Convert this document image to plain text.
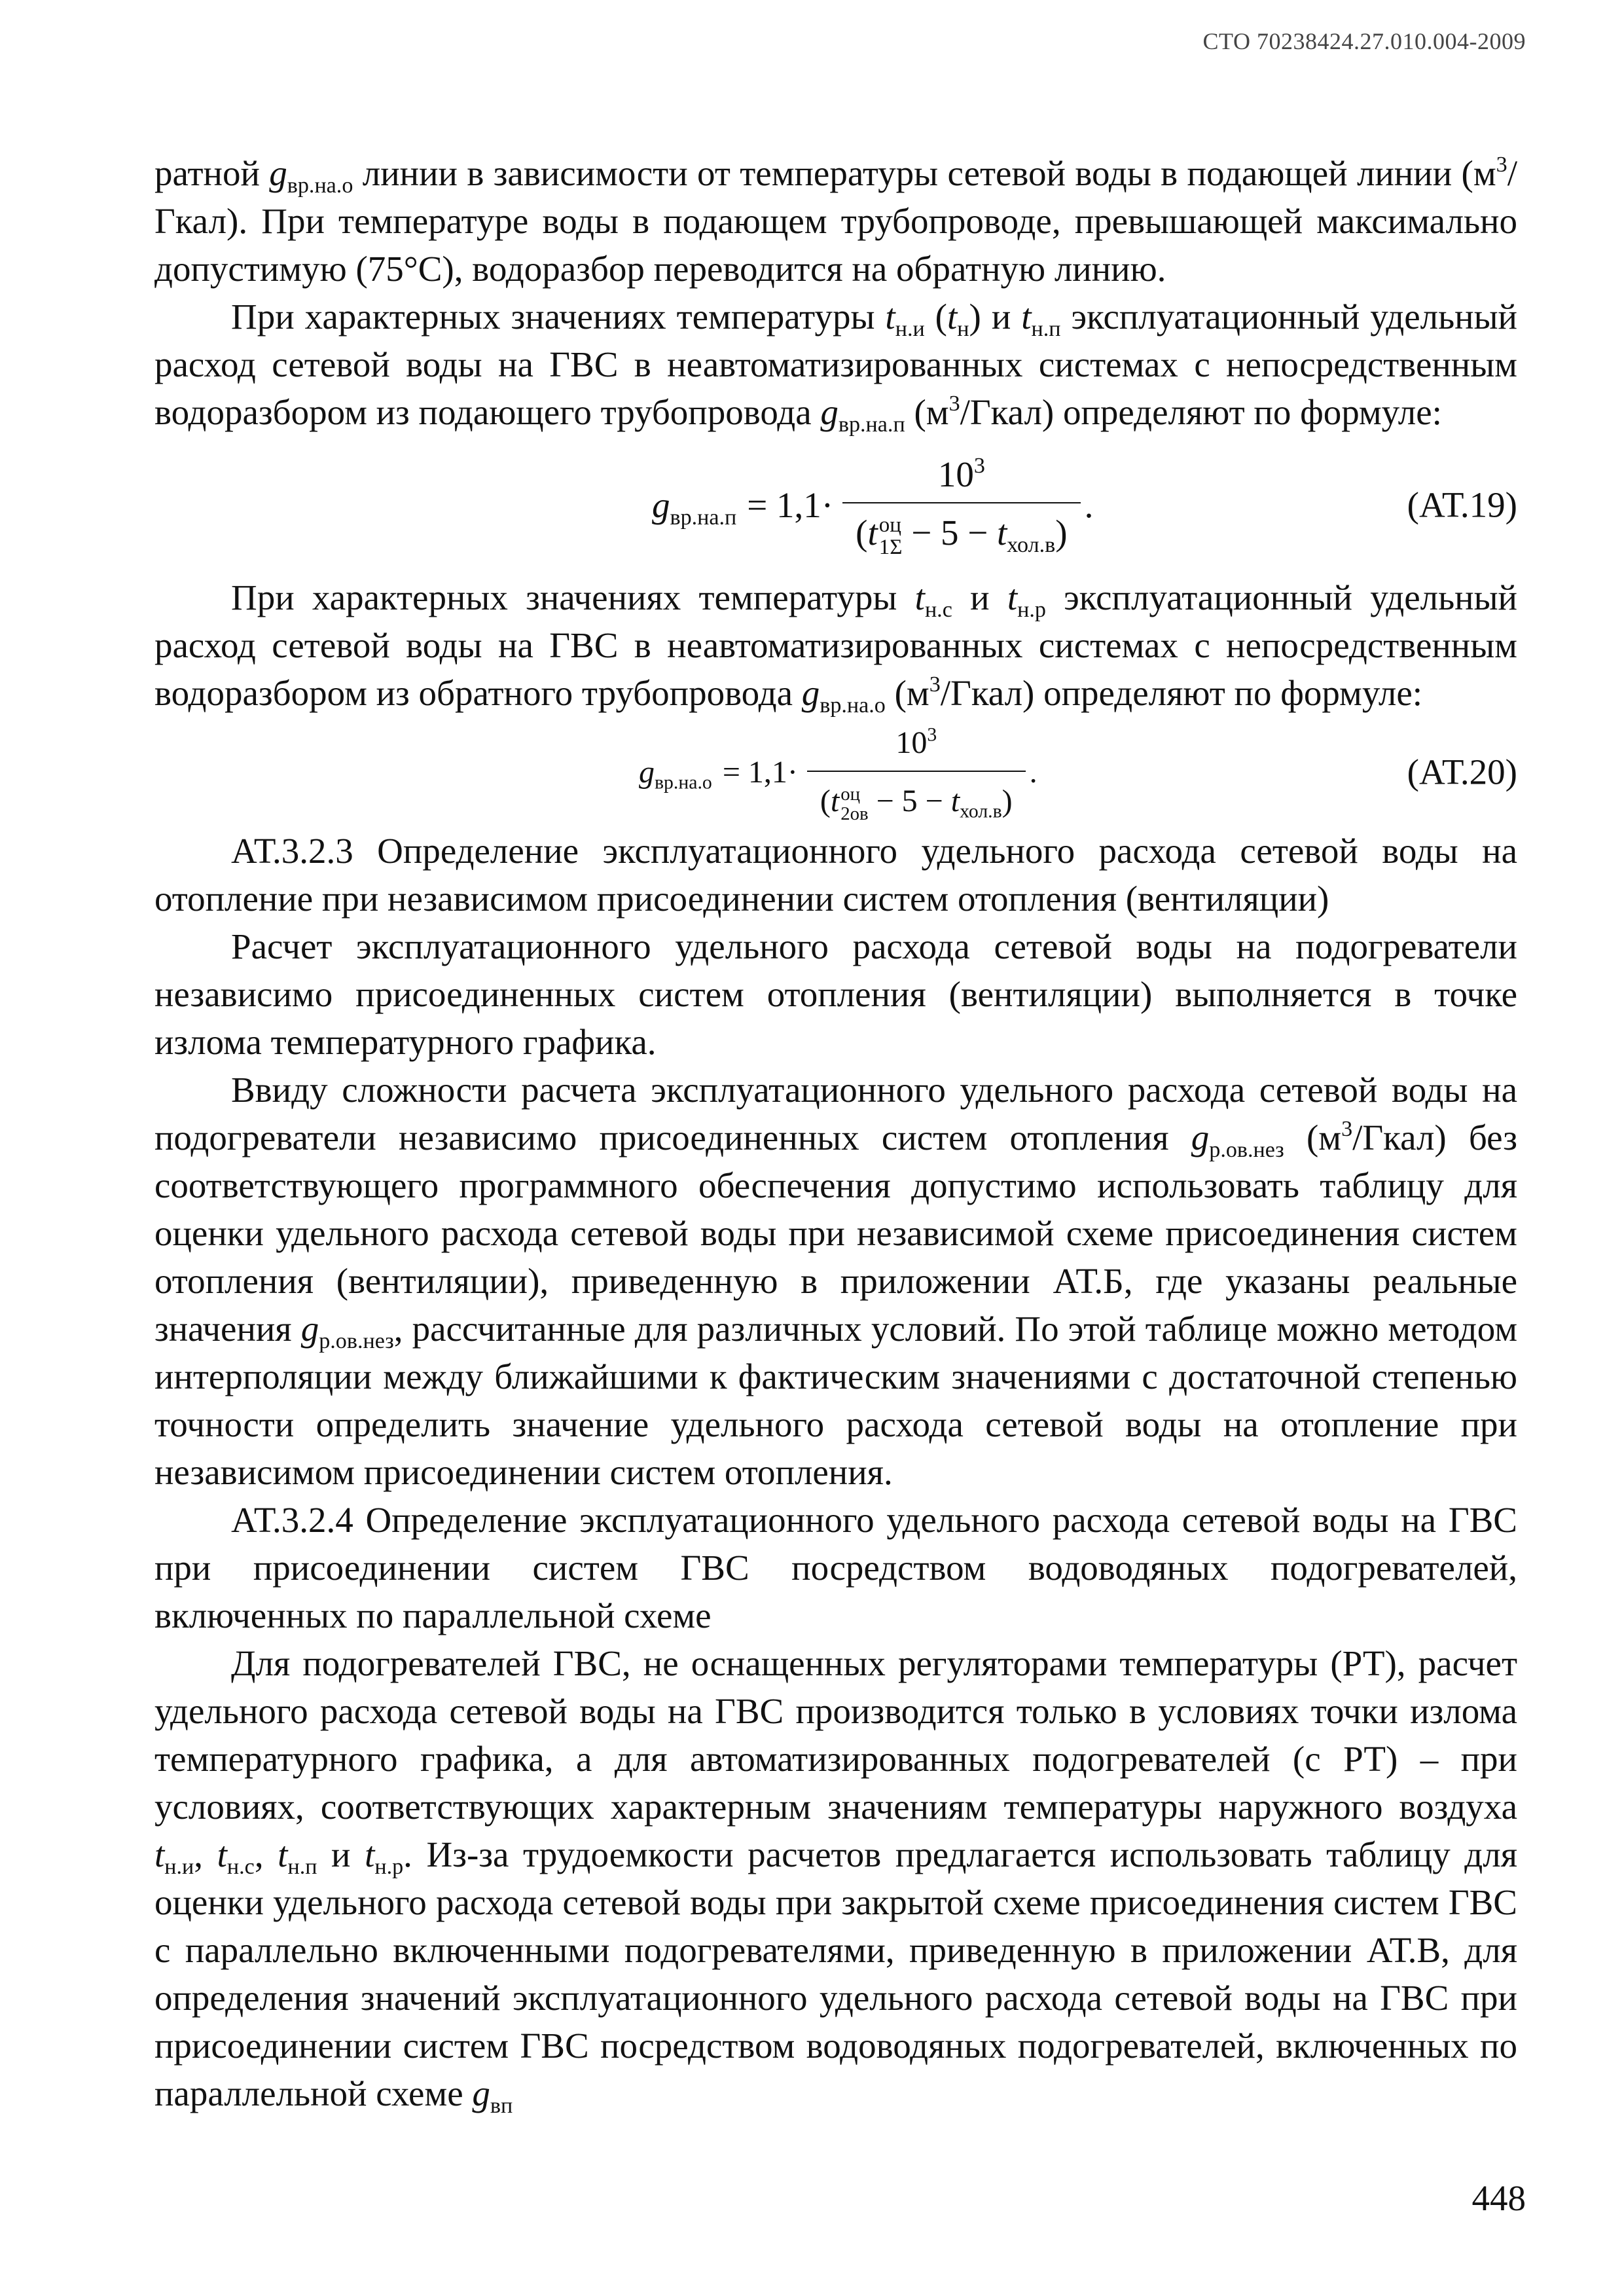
СТО 70238424.27.010.004-2009

ратной $g_{вр.на.о}$ линии в зависимости от температуры сетевой воды в подающей линии $(м^3/Гкал)$. При температуре воды в подающем трубопроводе, превышающей максимально допустимую (75°С), водоразбор переводится на обратную линию.

При характерных значениях температуры $t_{н.и}$ $(t_н)$ и $t_{н.п}$ эксплуатационный удельный расход сетевой воды на ГВС в неавтоматизированных системах с непосредственным водоразбором из подающего трубопровода $g_{вр.на.п}$ $(м^3/Гкал)$ определяют по формуле:

$g_{вр.на.п} = 1,1\cdot 10^3$
(t оц
$1\Sigma - 5 - t_{хол.в}$) .	(АТ.19)

При характерных значениях температуры $t_{н.с}$ и $t_{н.р}$ эксплуатационный удельный расход сетевой воды на ГВС в неавтоматизированных системах с непосредственным водоразбором из обратного трубопровода $g_{вр.на.о}$ $(м^3/Гкал)$ определяют по формуле:

$g_{вр.на.о} = 1,1\cdot 10^3$
(t оц
$2ов - 5 - t_{хол.в}$) .	(АТ.20)

АТ.3.2.3 Определение эксплуатационного удельного расхода сетевой воды на отопление при независимом присоединении систем отопления (вентиляции)

Расчет эксплуатационного удельного расхода сетевой воды на подогреватели независимо присоединенных систем отопления (вентиляции) выполняется в точке излома температурного графика.

Ввиду сложности расчета эксплуатационного удельного расхода сетевой воды на подогреватели независимо присоединенных систем отопления $g_{р.ов.нез}$ $(м^3/Гкал)$ без соответствующего программного обеспечения допустимо использовать таблицу для оценки удельного расхода сетевой воды при независимой схеме присоединения систем отопления (вентиляции), приведенную в приложении АТ.Б, где указаны реальные значения $g_{р.ов.нез}$, рассчитанные для различных условий. По этой таблице можно методом интерполяции между ближайшими к фактическим значениями с достаточной степенью точности определить значение удельного расхода сетевой воды на отопление при независимом присоединении систем отопления.

АТ.3.2.4 Определение эксплуатационного удельного расхода сетевой воды на ГВС при присоединении систем ГВС посредством водоводяных подогревателей, включенных по параллельной схеме

Для подогревателей ГВС, не оснащенных регуляторами температуры (РТ), расчет удельного расхода сетевой воды на ГВС производится только в условиях точки излома температурного графика, а для автоматизированных подогревателей (с РТ) – при условиях, соответствующих характерным значениям температуры наружного воздуха $t_{н.и}$, $t_{н.с}$, $t_{н.п}$ и $t_{н.р}$. Из-за трудоемкости расчетов предлагается использовать таблицу для оценки удельного расхода сетевой воды при закрытой схеме присоединения систем ГВС с параллельно включенными подогревателями, приведенную в приложении АТ.В, для определения значений эксплуатационного удельного расхода сетевой воды на ГВС при присоединении систем ГВС посредством водоводяных подогревателей, включенных по параллельной схеме $g_{вп}$

448
